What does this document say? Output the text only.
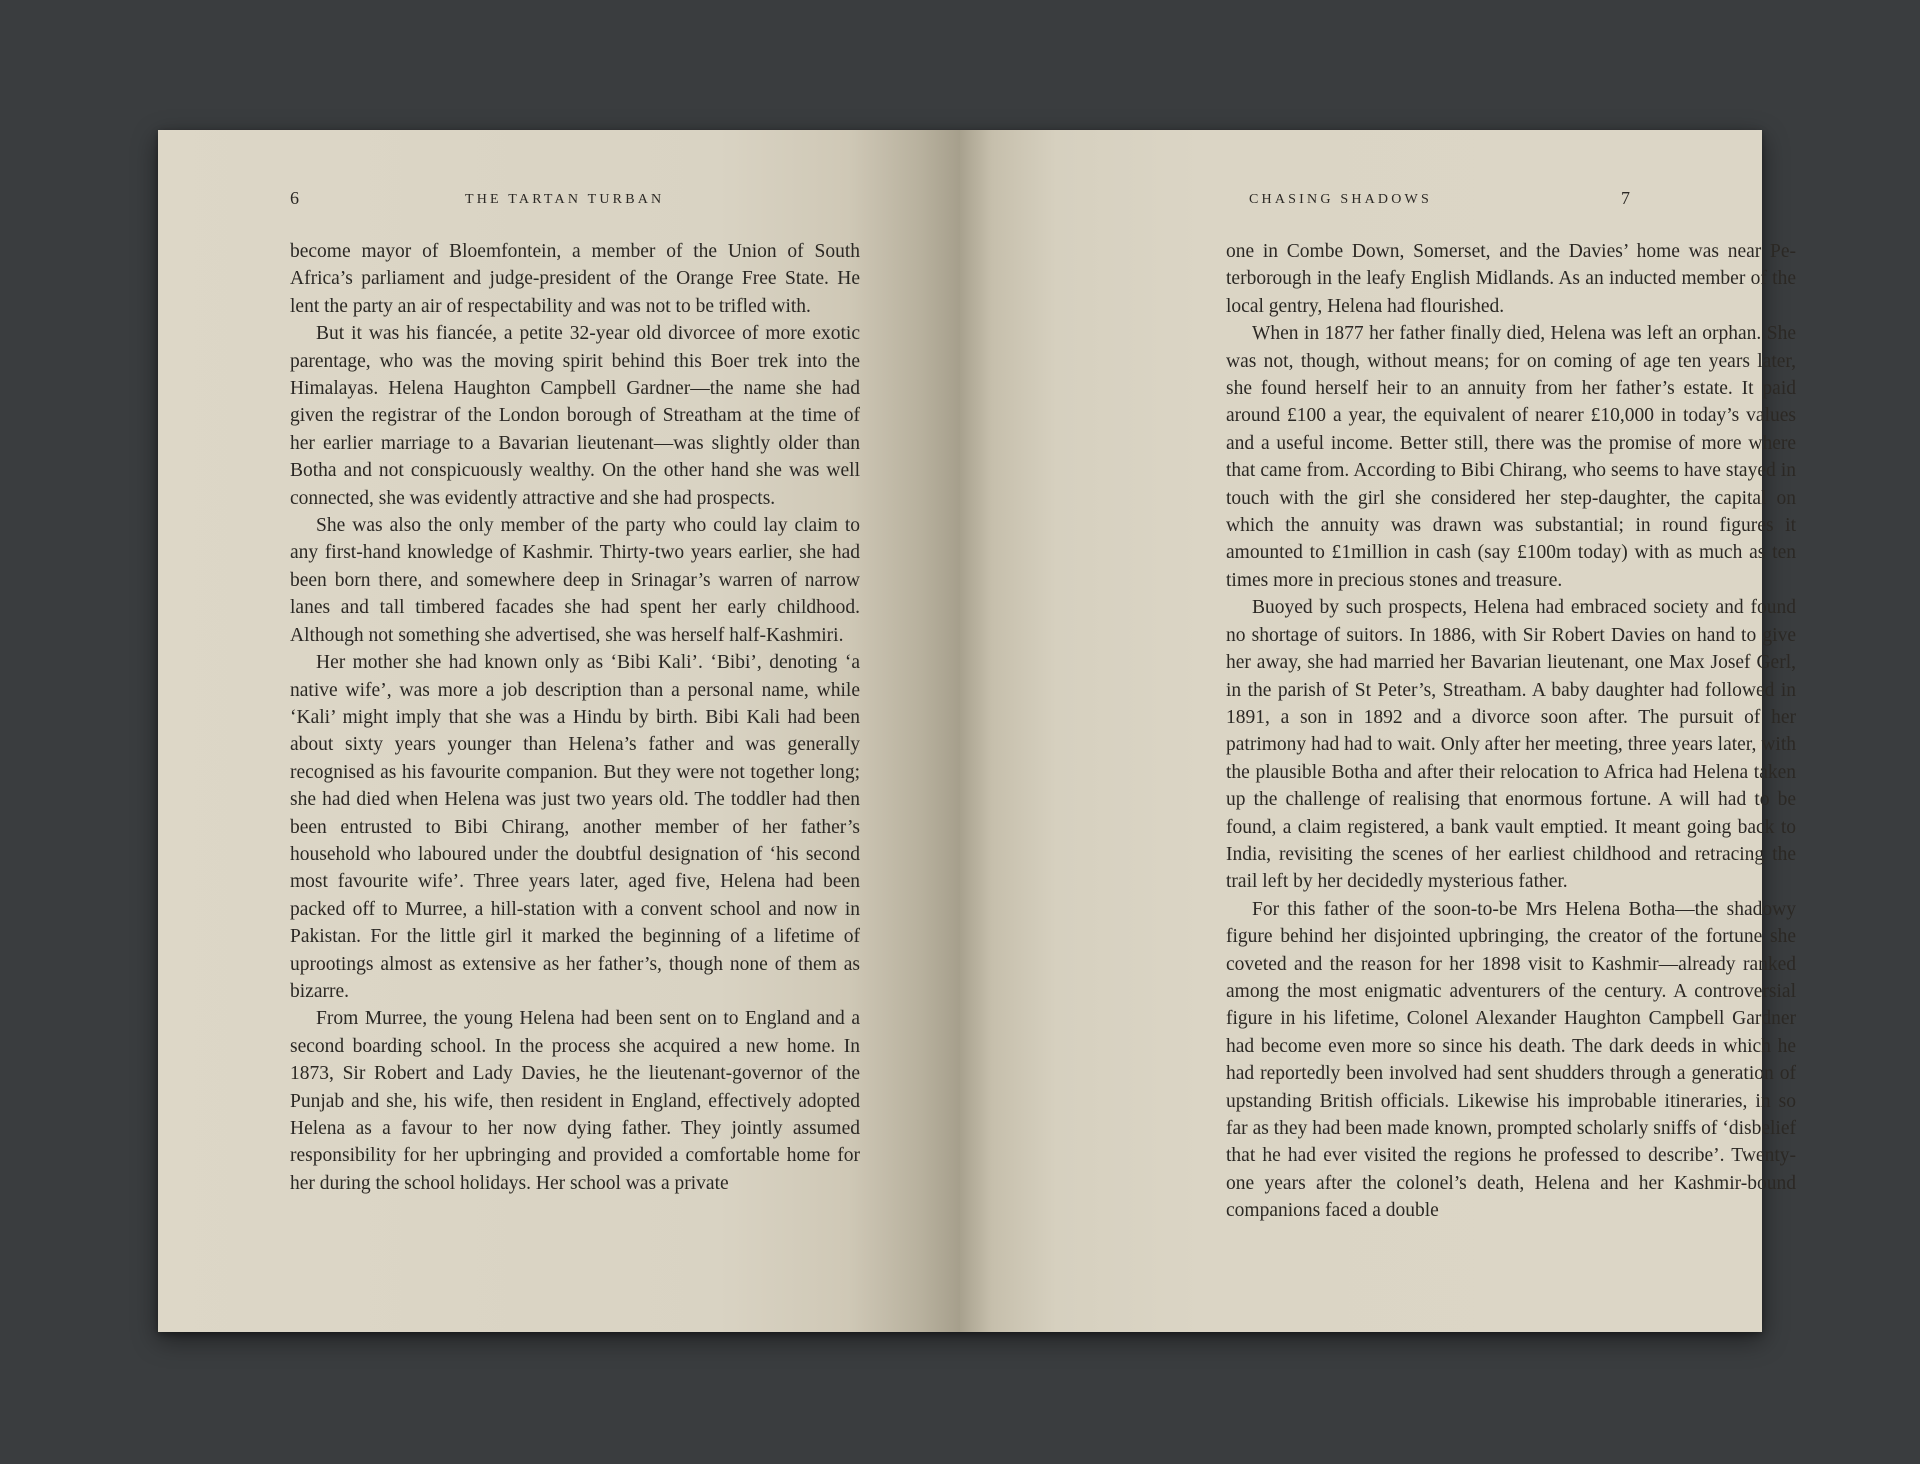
6	THE TARTAN TURBAN

become mayor of Bloemfontein, a member of the Union of South Africa’s parliament and judge-president of the Orange Free State. He lent the party an air of respectability and was not to be trifled with.

But it was his fiancée, a petite 32-year old divorcee of more exotic parentage, who was the moving spirit behind this Boer trek into the Himalayas. Helena Haughton Campbell Gardner—the name she had given the registrar of the London borough of Streatham at the time of her earlier marriage to a Bavarian lieutenant—was slightly older than Botha and not conspicuously wealthy. On the other hand she was well connected, she was evidently attractive and she had prospects.

She was also the only member of the party who could lay claim to any first-hand knowledge of Kashmir. Thirty-two years earlier, she had been born there, and somewhere deep in Srinagar’s warren of narrow lanes and tall timbered facades she had spent her early childhood. Although not something she advertised, she was herself half-Kashmiri.

Her mother she had known only as ‘Bibi Kali’. ‘Bibi’, denoting ‘a native wife’, was more a job description than a personal name, while ‘Kali’ might imply that she was a Hindu by birth. Bibi Kali had been about sixty years younger than Helena’s father and was generally recognised as his favourite companion. But they were not together long; she had died when Helena was just two years old. The toddler had then been entrusted to Bibi Chirang, another member of her father’s household who laboured under the doubtful designation of ‘his second most favourite wife’. Three years later, aged five, Helena had been packed off to Murree, a hill-station with a convent school and now in Pakistan. For the little girl it marked the beginning of a lifetime of uprootings almost as extensive as her father’s, though none of them as bizarre.

From Murree, the young Helena had been sent on to England and a second boarding school. In the process she acquired a new home. In 1873, Sir Robert and Lady Davies, he the lieutenant-governor of the Punjab and she, his wife, then resident in England, effectively adopted Helena as a favour to her now dying father. They jointly assumed responsibility for her upbringing and provided a comfortable home for her during the school holidays. Her school was a private

CHASING SHADOWS	7

one in Combe Down, Somerset, and the Davies’ home was near Peterborough in the leafy English Midlands. As an inducted member of the local gentry, Helena had flourished.

When in 1877 her father finally died, Helena was left an orphan. She was not, though, without means; for on coming of age ten years later, she found herself heir to an annuity from her father’s estate. It paid around £100 a year, the equivalent of nearer £10,000 in today’s values and a useful income. Better still, there was the promise of more where that came from. According to Bibi Chirang, who seems to have stayed in touch with the girl she considered her step-daughter, the capital on which the annuity was drawn was substantial; in round figures it amounted to £1million in cash (say £100m today) with as much as ten times more in precious stones and treasure.

Buoyed by such prospects, Helena had embraced society and found no shortage of suitors. In 1886, with Sir Robert Davies on hand to give her away, she had married her Bavarian lieutenant, one Max Josef Gerl, in the parish of St Peter’s, Streatham. A baby daughter had followed in 1891, a son in 1892 and a divorce soon after. The pursuit of her patrimony had had to wait. Only after her meeting, three years later, with the plausible Botha and after their relocation to Africa had Helena taken up the challenge of realising that enormous fortune. A will had to be found, a claim registered, a bank vault emptied. It meant going back to India, revisiting the scenes of her earliest childhood and retracing the trail left by her decidedly mysterious father.

For this father of the soon-to-be Mrs Helena Botha—the shadowy figure behind her disjointed upbringing, the creator of the fortune she coveted and the reason for her 1898 visit to Kashmir—already ranked among the most enigmatic adventurers of the century. A controversial figure in his lifetime, Colonel Alexander Haughton Campbell Gardner had become even more so since his death. The dark deeds in which he had reportedly been involved had sent shudders through a generation of upstanding British officials. Likewise his improbable itineraries, in so far as they had been made known, prompted scholarly sniffs of ‘disbelief that he had ever visited the regions he professed to describe’. Twenty-one years after the colonel’s death, Helena and her Kashmir-bound companions faced a double
